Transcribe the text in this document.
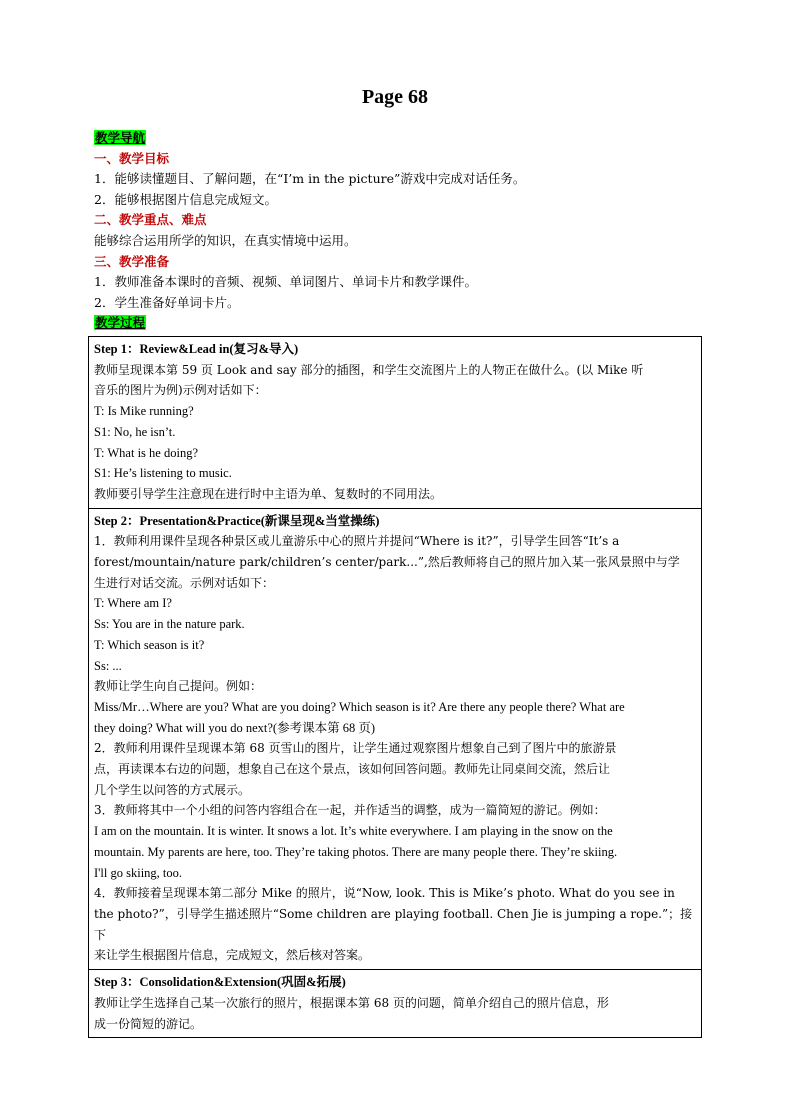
Page 68
教学导航
一、教学目标
1．能够读懂题目、了解问题，在“I’m in the picture”游戏中完成对话任务。
2．能够根据图片信息完成短文。
二、教学重点、难点
能够综合运用所学的知识，在真实情境中运用。
三、教学准备
1．教师准备本课时的音频、视频、单词图片、单词卡片和教学课件。
2．学生准备好单词卡片。
教学过程
Step 1：Review&Lead in(复习&导入)
教师呈现课本第 59 页 Look and say 部分的插图，和学生交流图片上的人物正在做什么。(以 Mike 听
音乐的图片为例)示例对话如下：
T: Is Mike running?
S1: No, he isn’t.
T: What is he doing?
S1: He’s listening to music.
教师要引导学生注意现在进行时中主语为单、复数时的不同用法。

Step 2：Presentation&Practice(新课呈现&当堂操练)
1．教师利用课件呈现各种景区或儿童游乐中心的照片并提问“Where is it?”，引导学生回答“It’s a
forest/mountain/nature park/children’s center/park...”,然后教师将自己的照片加入某一张风景照中与学
生进行对话交流。示例对话如下：
T: Where am I?
Ss: You are in the nature park.
T: Which season is it?
Ss: ...
教师让学生向自己提问。例如：
Miss/Mr…Where are you? What are you doing? Which season is it? Are there any people there? What are
they doing? What will you do next?(参考课本第 68 页)
2．教师利用课件呈现课本第 68 页雪山的图片，让学生通过观察图片想象自己到了图片中的旅游景
点，再读课本右边的问题，想象自己在这个景点，该如何回答问题。教师先让同桌间交流，然后让
几个学生以问答的方式展示。
3．教师将其中一个小组的问答内容组合在一起，并作适当的调整，成为一篇简短的游记。例如：
I am on the mountain. It is winter. It snows a lot. It’s white everywhere. I am playing in the snow on the
mountain. My parents are here, too. They’re taking photos. There are many people there. They’re skiing.
I'll go skiing, too.
4．教师接着呈现课本第二部分 Mike 的照片，说“Now, look. This is Mike’s photo. What do you see in
the photo?”，引导学生描述照片“Some children are playing football. Chen Jie is jumping a rope.”；接下
来让学生根据图片信息，完成短文，然后核对答案。

Step 3：Consolidation&Extension(巩固&拓展)
教师让学生选择自己某一次旅行的照片，根据课本第 68 页的问题，简单介绍自己的照片信息，形
成一份简短的游记。
